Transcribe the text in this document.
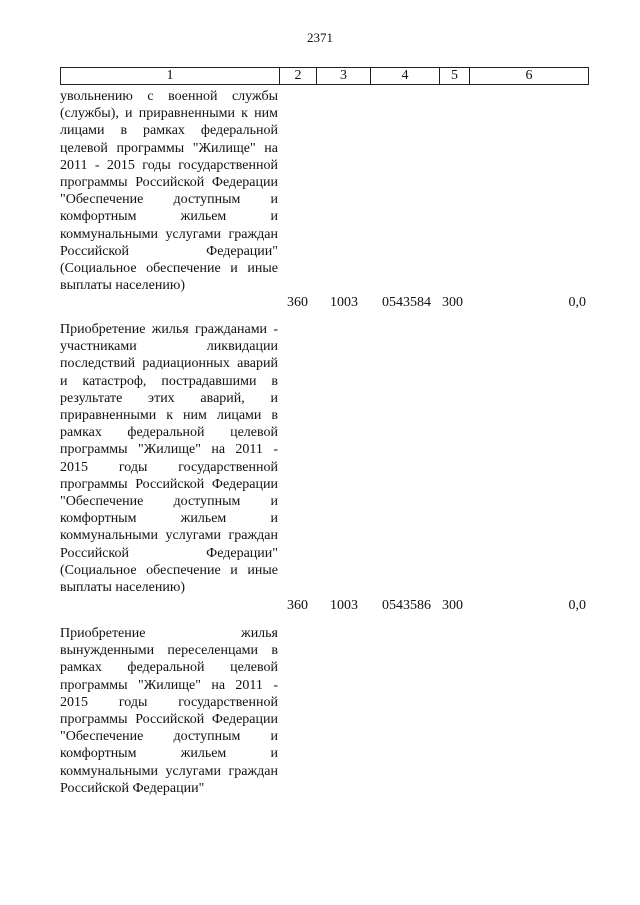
2371
1	2	3	4	5	6
увольнению с военной службы (службы), и приравненными к ним лицами в рамках федеральной целевой программы "Жилище" на 2011 - 2015 годы государственной программы Российской Федерации "Обеспечение доступным и комфортным жильем и коммунальными услугами граждан Российской Федерации" (Социальное обеспечение и иные выплаты населению)
360 1003 0543584 300	0,0
Приобретение жилья гражданами - участниками ликвидации последствий радиационных аварий и катастроф, пострадавшими в результате этих аварий, и приравненными к ним лицами в рамках федеральной целевой программы "Жилище" на 2011 - 2015 годы государственной программы Российской Федерации "Обеспечение доступным и комфортным жильем и коммунальными услугами граждан Российской Федерации" (Социальное обеспечение и иные выплаты населению)
360 1003 0543586 300	0,0
Приобретение жилья вынужденными переселенцами в рамках федеральной целевой программы "Жилище" на 2011 - 2015 годы государственной программы Российской Федерации "Обеспечение доступным и комфортным жильем и коммунальными услугами граждан Российской Федерации"
